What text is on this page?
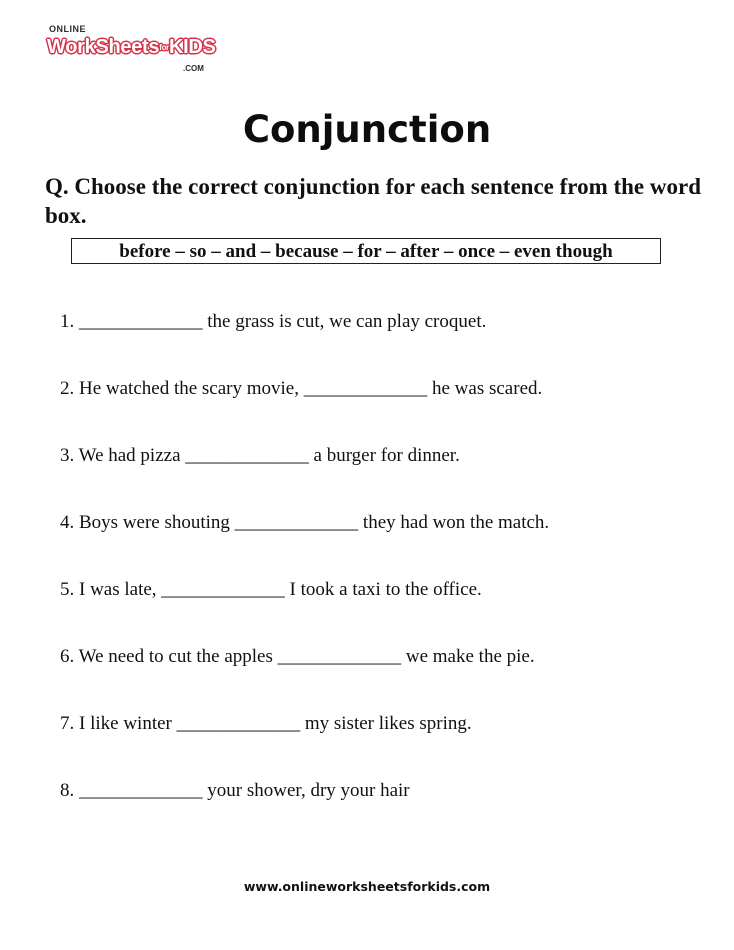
ONLINE
WorkSheetsforKIDS
.COM
Conjunction

Q. Choose the correct conjunction for each sentence from the word box.

before – so – and – because – for – after – once – even though
1. _____________ the grass is cut, we can play croquet.
2. He watched the scary movie, _____________ he was scared.
3. We had pizza _____________ a burger for dinner.
4. Boys were shouting _____________ they had won the match.
5. I was late, _____________ I took a taxi to the office.
6. We need to cut the apples _____________ we make the pie.
7. I like winter _____________ my sister likes spring.
8. _____________ your shower, dry your hair
www.onlineworksheetsforkids.com
